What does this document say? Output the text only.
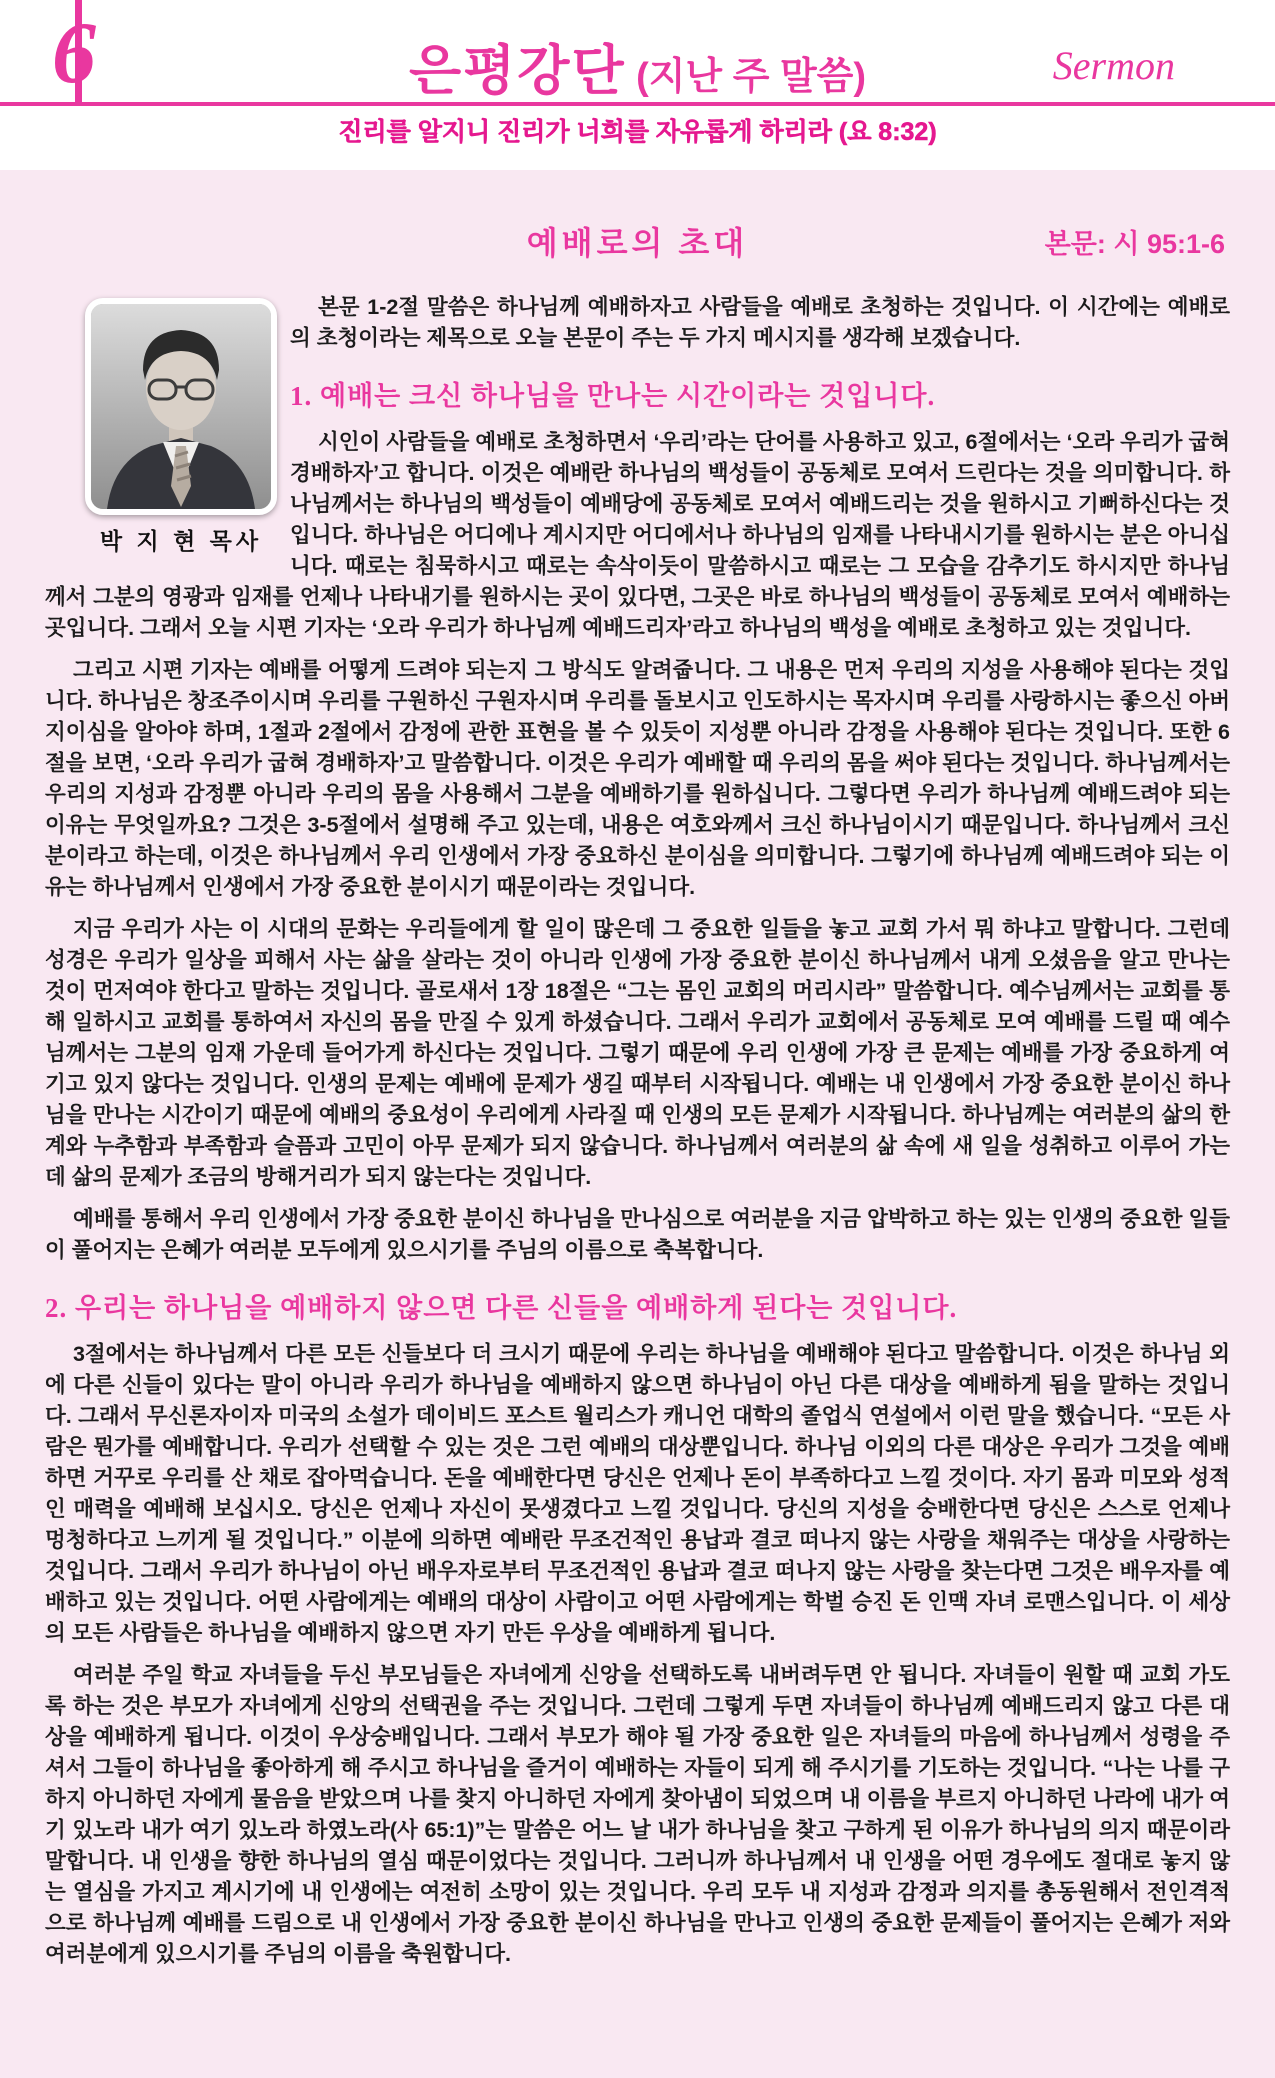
6	은평강단 (지난 주 말씀)	Sermon
진리를 알지니 진리가 너희를 자유롭게 하리라 (요 8:32)
예배로의 초대	본문: 시 95:1-6
박 지 현 목사

본문 1-2절 말씀은 하나님께 예배하자고 사람들을 예배로 초청하는 것입니다. 이 시간에는 예배로의 초청이라는 제목으로 오늘 본문이 주는 두 가지 메시지를 생각해 보겠습니다.

1. 예배는 크신 하나님을 만나는 시간이라는 것입니다.

시인이 사람들을 예배로 초청하면서 ‘우리’라는 단어를 사용하고 있고, 6절에서는 ‘오라 우리가 굽혀 경배하자’고 합니다. 이것은 예배란 하나님의 백성들이 공동체로 모여서 드린다는 것을 의미합니다. 하나님께서는 하나님의 백성들이 예배당에 공동체로 모여서 예배드리는 것을 원하시고 기뻐하신다는 것입니다. 하나님은 어디에나 계시지만 어디에서나 하나님의 임재를 나타내시기를 원하시는 분은 아니십니다. 때로는 침묵하시고 때로는 속삭이듯이 말씀하시고 때로는 그 모습을 감추기도 하시지만 하나님께서 그분의 영광과 임재를 언제나 나타내기를 원하시는 곳이 있다면, 그곳은 바로 하나님의 백성들이 공동체로 모여서 예배하는 곳입니다. 그래서 오늘 시편 기자는 ‘오라 우리가 하나님께 예배드리자’라고 하나님의 백성을 예배로 초청하고 있는 것입니다.

그리고 시편 기자는 예배를 어떻게 드려야 되는지 그 방식도 알려줍니다. 그 내용은 먼저 우리의 지성을 사용해야 된다는 것입니다. 하나님은 창조주이시며 우리를 구원하신 구원자시며 우리를 돌보시고 인도하시는 목자시며 우리를 사랑하시는 좋으신 아버지이심을 알아야 하며, 1절과 2절에서 감정에 관한 표현을 볼 수 있듯이 지성뿐 아니라 감정을 사용해야 된다는 것입니다. 또한 6절을 보면, ‘오라 우리가 굽혀 경배하자’고 말씀합니다. 이것은 우리가 예배할 때 우리의 몸을 써야 된다는 것입니다. 하나님께서는 우리의 지성과 감정뿐 아니라 우리의 몸을 사용해서 그분을 예배하기를 원하십니다. 그렇다면 우리가 하나님께 예배드려야 되는 이유는 무엇일까요? 그것은 3-5절에서 설명해 주고 있는데, 내용은 여호와께서 크신 하나님이시기 때문입니다. 하나님께서 크신 분이라고 하는데, 이것은 하나님께서 우리 인생에서 가장 중요하신 분이심을 의미합니다. 그렇기에 하나님께 예배드려야 되는 이유는 하나님께서 인생에서 가장 중요한 분이시기 때문이라는 것입니다.

지금 우리가 사는 이 시대의 문화는 우리들에게 할 일이 많은데 그 중요한 일들을 놓고 교회 가서 뭐 하냐고 말합니다. 그런데 성경은 우리가 일상을 피해서 사는 삶을 살라는 것이 아니라 인생에 가장 중요한 분이신 하나님께서 내게 오셨음을 알고 만나는 것이 먼저여야 한다고 말하는 것입니다. 골로새서 1장 18절은 “그는 몸인 교회의 머리시라” 말씀합니다. 예수님께서는 교회를 통해 일하시고 교회를 통하여서 자신의 몸을 만질 수 있게 하셨습니다. 그래서 우리가 교회에서 공동체로 모여 예배를 드릴 때 예수님께서는 그분의 임재 가운데 들어가게 하신다는 것입니다. 그렇기 때문에 우리 인생에 가장 큰 문제는 예배를 가장 중요하게 여기고 있지 않다는 것입니다. 인생의 문제는 예배에 문제가 생길 때부터 시작됩니다. 예배는 내 인생에서 가장 중요한 분이신 하나님을 만나는 시간이기 때문에 예배의 중요성이 우리에게 사라질 때 인생의 모든 문제가 시작됩니다. 하나님께는 여러분의 삶의 한계와 누추함과 부족함과 슬픔과 고민이 아무 문제가 되지 않습니다. 하나님께서 여러분의 삶 속에 새 일을 성취하고 이루어 가는데 삶의 문제가 조금의 방해거리가 되지 않는다는 것입니다.

예배를 통해서 우리 인생에서 가장 중요한 분이신 하나님을 만나심으로 여러분을 지금 압박하고 하는 있는 인생의 중요한 일들이 풀어지는 은혜가 여러분 모두에게 있으시기를 주님의 이름으로 축복합니다.

2. 우리는 하나님을 예배하지 않으면 다른 신들을 예배하게 된다는 것입니다.

3절에서는 하나님께서 다른 모든 신들보다 더 크시기 때문에 우리는 하나님을 예배해야 된다고 말씀합니다. 이것은 하나님 외에 다른 신들이 있다는 말이 아니라 우리가 하나님을 예배하지 않으면 하나님이 아닌 다른 대상을 예배하게 됨을 말하는 것입니다. 그래서 무신론자이자 미국의 소설가 데이비드 포스트 월리스가 캐니언 대학의 졸업식 연설에서 이런 말을 했습니다. “모든 사람은 뭔가를 예배합니다. 우리가 선택할 수 있는 것은 그런 예배의 대상뿐입니다. 하나님 이외의 다른 대상은 우리가 그것을 예배하면 거꾸로 우리를 산 채로 잡아먹습니다. 돈을 예배한다면 당신은 언제나 돈이 부족하다고 느낄 것이다. 자기 몸과 미모와 성적인 매력을 예배해 보십시오. 당신은 언제나 자신이 못생겼다고 느낄 것입니다. 당신의 지성을 숭배한다면 당신은 스스로 언제나 멍청하다고 느끼게 될 것입니다.” 이분에 의하면 예배란 무조건적인 용납과 결코 떠나지 않는 사랑을 채워주는 대상을 사랑하는 것입니다. 그래서 우리가 하나님이 아닌 배우자로부터 무조건적인 용납과 결코 떠나지 않는 사랑을 찾는다면 그것은 배우자를 예배하고 있는 것입니다. 어떤 사람에게는 예배의 대상이 사람이고 어떤 사람에게는 학벌 승진 돈 인맥 자녀 로맨스입니다. 이 세상의 모든 사람들은 하나님을 예배하지 않으면 자기 만든 우상을 예배하게 됩니다.

여러분 주일 학교 자녀들을 두신 부모님들은 자녀에게 신앙을 선택하도록 내버려두면 안 됩니다. 자녀들이 원할 때 교회 가도록 하는 것은 부모가 자녀에게 신앙의 선택권을 주는 것입니다. 그런데 그렇게 두면 자녀들이 하나님께 예배드리지 않고 다른 대상을 예배하게 됩니다. 이것이 우상숭배입니다. 그래서 부모가 해야 될 가장 중요한 일은 자녀들의 마음에 하나님께서 성령을 주셔서 그들이 하나님을 좋아하게 해 주시고 하나님을 즐거이 예배하는 자들이 되게 해 주시기를 기도하는 것입니다. “나는 나를 구하지 아니하던 자에게 물음을 받았으며 나를 찾지 아니하던 자에게 찾아냄이 되었으며 내 이름을 부르지 아니하던 나라에 내가 여기 있노라 내가 여기 있노라 하였노라(사 65:1)”는 말씀은 어느 날 내가 하나님을 찾고 구하게 된 이유가 하나님의 의지 때문이라 말합니다. 내 인생을 향한 하나님의 열심 때문이었다는 것입니다. 그러니까 하나님께서 내 인생을 어떤 경우에도 절대로 놓지 않는 열심을 가지고 계시기에 내 인생에는 여전히 소망이 있는 것입니다. 우리 모두 내 지성과 감정과 의지를 총동원해서 전인격적으로 하나님께 예배를 드림으로 내 인생에서 가장 중요한 분이신 하나님을 만나고 인생의 중요한 문제들이 풀어지는 은혜가 저와 여러분에게 있으시기를 주님의 이름을 축원합니다.
